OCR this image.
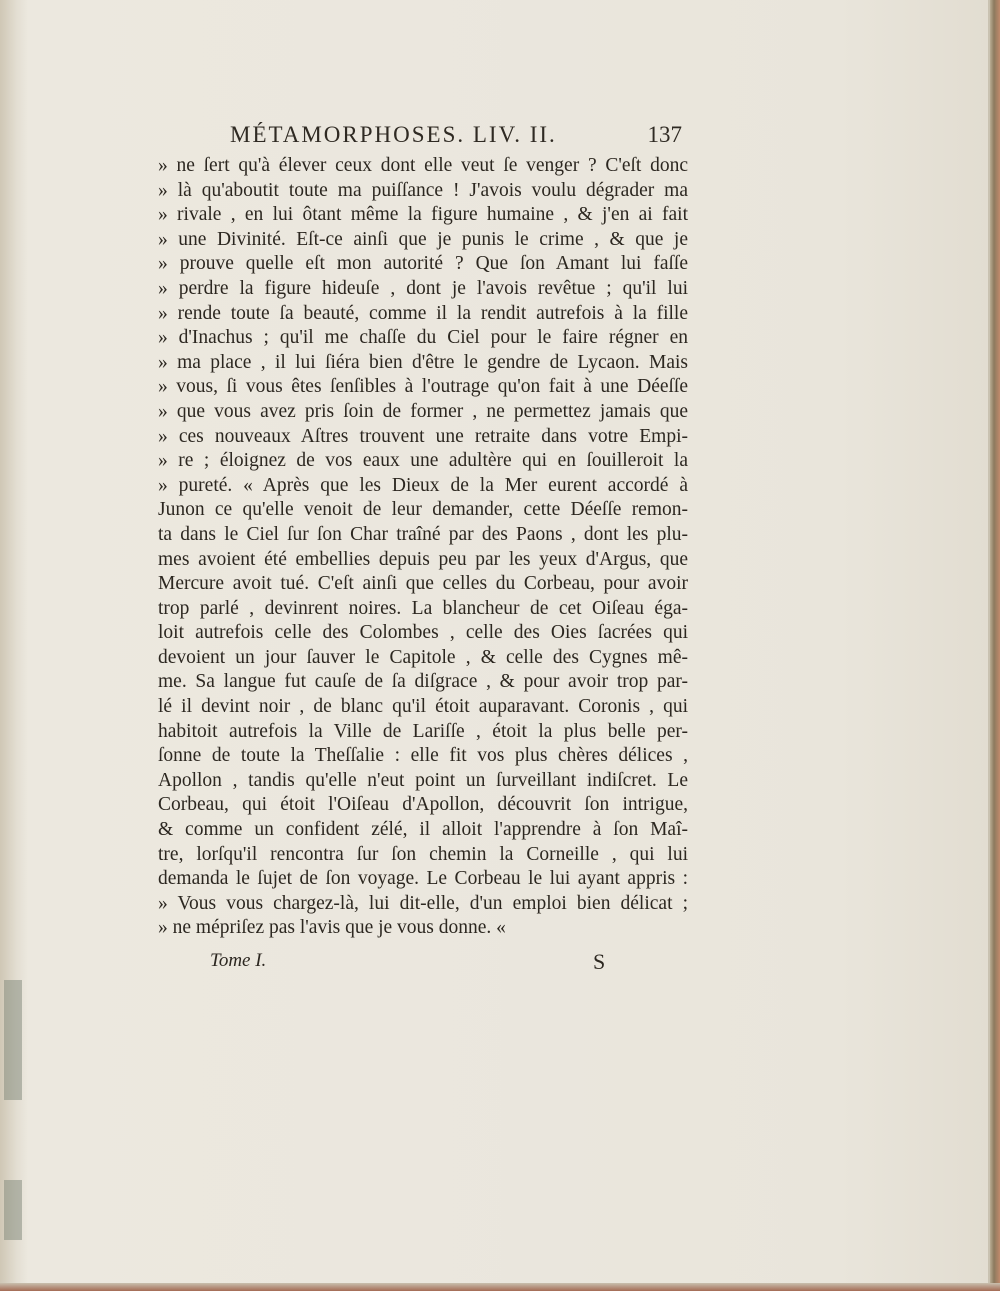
MÉTAMORPHOSES. LIV. II.	137
» ne ſert qu'à élever ceux dont elle veut ſe venger ? C'eſt donc
» là qu'aboutit toute ma puiſſance ! J'avois voulu dégrader ma
» rivale , en lui ôtant même la figure humaine , & j'en ai fait
» une Divinité. Eſt-ce ainſi que je punis le crime , & que je
» prouve quelle eſt mon autorité ? Que ſon Amant lui faſſe
» perdre la figure hideuſe , dont je l'avois revêtue ; qu'il lui
» rende toute ſa beauté, comme il la rendit autrefois à la fille
» d'Inachus ; qu'il me chaſſe du Ciel pour le faire régner en
» ma place , il lui ſiéra bien d'être le gendre de Lycaon. Mais
» vous, ſi vous êtes ſenſibles à l'outrage qu'on fait à une Déeſſe
» que vous avez pris ſoin de former , ne permettez jamais que
» ces nouveaux Aſtres trouvent une retraite dans votre Empi-
» re ; éloignez de vos eaux une adultère qui en ſouilleroit la
» pureté. « Après que les Dieux de la Mer eurent accordé à
Junon ce qu'elle venoit de leur demander, cette Déeſſe remon-
ta dans le Ciel ſur ſon Char traîné par des Paons , dont les plu-
mes avoient été embellies depuis peu par les yeux d'Argus, que
Mercure avoit tué. C'eſt ainſi que celles du Corbeau, pour avoir
trop parlé , devinrent noires. La blancheur de cet Oiſeau éga-
loit autrefois celle des Colombes , celle des Oies ſacrées qui
devoient un jour ſauver le Capitole , & celle des Cygnes mê-
me. Sa langue fut cauſe de ſa diſgrace , & pour avoir trop par-
lé il devint noir , de blanc qu'il étoit auparavant. Coronis , qui
habitoit autrefois la Ville de Lariſſe , étoit la plus belle per-
ſonne de toute la Theſſalie : elle fit vos plus chères délices ,
Apollon , tandis qu'elle n'eut point un ſurveillant indiſcret. Le
Corbeau, qui étoit l'Oiſeau d'Apollon, découvrit ſon intrigue,
& comme un confident zélé, il alloit l'apprendre à ſon Maî-
tre, lorſqu'il rencontra ſur ſon chemin la Corneille , qui lui
demanda le ſujet de ſon voyage. Le Corbeau le lui ayant appris :
» Vous vous chargez-là, lui dit-elle, d'un emploi bien délicat ;
» ne mépriſez pas l'avis que je vous donne. «
Tome I.	S
